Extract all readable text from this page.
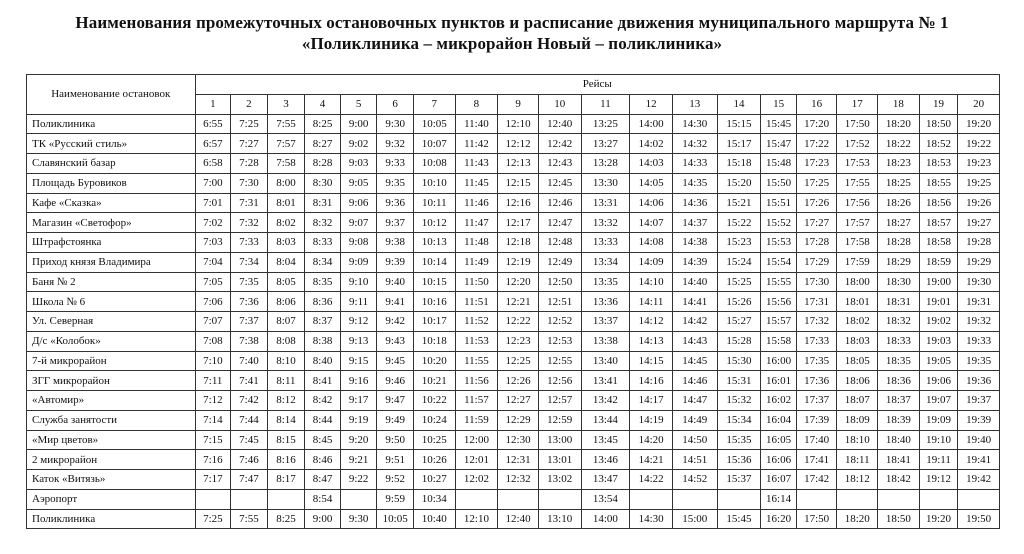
Наименования промежуточных остановочных пунктов и расписание движения муниципального маршрута № 1
«Поликлиника – микрорайон Новый – поликлиника»
Наименование остановок	Рейсы																			
	1	2	3	4	5	6	7	8	9	10	11	12	13	14	15	16	17	18	19	20
Поликлиника	6:55	7:25	7:55	8:25	9:00	9:30	10:05	11:40	12:10	12:40	13:25	14:00	14:30	15:15	15:45	17:20	17:50	18:20	18:50	19:20
ТК «Русский стиль»	6:57	7:27	7:57	8:27	9:02	9:32	10:07	11:42	12:12	12:42	13:27	14:02	14:32	15:17	15:47	17:22	17:52	18:22	18:52	19:22
Славянский базар	6:58	7:28	7:58	8:28	9:03	9:33	10:08	11:43	12:13	12:43	13:28	14:03	14:33	15:18	15:48	17:23	17:53	18:23	18:53	19:23
Площадь Буровиков	7:00	7:30	8:00	8:30	9:05	9:35	10:10	11:45	12:15	12:45	13:30	14:05	14:35	15:20	15:50	17:25	17:55	18:25	18:55	19:25
Кафе «Сказка»	7:01	7:31	8:01	8:31	9:06	9:36	10:11	11:46	12:16	12:46	13:31	14:06	14:36	15:21	15:51	17:26	17:56	18:26	18:56	19:26
Магазин «Светофор»	7:02	7:32	8:02	8:32	9:07	9:37	10:12	11:47	12:17	12:47	13:32	14:07	14:37	15:22	15:52	17:27	17:57	18:27	18:57	19:27
Штрафстоянка	7:03	7:33	8:03	8:33	9:08	9:38	10:13	11:48	12:18	12:48	13:33	14:08	14:38	15:23	15:53	17:28	17:58	18:28	18:58	19:28
Приход князя Владимира	7:04	7:34	8:04	8:34	9:09	9:39	10:14	11:49	12:19	12:49	13:34	14:09	14:39	15:24	15:54	17:29	17:59	18:29	18:59	19:29
Баня № 2	7:05	7:35	8:05	8:35	9:10	9:40	10:15	11:50	12:20	12:50	13:35	14:10	14:40	15:25	15:55	17:30	18:00	18:30	19:00	19:30
Школа № 6	7:06	7:36	8:06	8:36	9:11	9:41	10:16	11:51	12:21	12:51	13:36	14:11	14:41	15:26	15:56	17:31	18:01	18:31	19:01	19:31
Ул. Северная	7:07	7:37	8:07	8:37	9:12	9:42	10:17	11:52	12:22	12:52	13:37	14:12	14:42	15:27	15:57	17:32	18:02	18:32	19:02	19:32
Д/с «Колобок»	7:08	7:38	8:08	8:38	9:13	9:43	10:18	11:53	12:23	12:53	13:38	14:13	14:43	15:28	15:58	17:33	18:03	18:33	19:03	19:33
7-й микрорайон	7:10	7:40	8:10	8:40	9:15	9:45	10:20	11:55	12:25	12:55	13:40	14:15	14:45	15:30	16:00	17:35	18:05	18:35	19:05	19:35
ЗГГ микрорайон	7:11	7:41	8:11	8:41	9:16	9:46	10:21	11:56	12:26	12:56	13:41	14:16	14:46	15:31	16:01	17:36	18:06	18:36	19:06	19:36
«Автомир»	7:12	7:42	8:12	8:42	9:17	9:47	10:22	11:57	12:27	12:57	13:42	14:17	14:47	15:32	16:02	17:37	18:07	18:37	19:07	19:37
Служба занятости	7:14	7:44	8:14	8:44	9:19	9:49	10:24	11:59	12:29	12:59	13:44	14:19	14:49	15:34	16:04	17:39	18:09	18:39	19:09	19:39
«Мир цветов»	7:15	7:45	8:15	8:45	9:20	9:50	10:25	12:00	12:30	13:00	13:45	14:20	14:50	15:35	16:05	17:40	18:10	18:40	19:10	19:40
2 микрорайон	7:16	7:46	8:16	8:46	9:21	9:51	10:26	12:01	12:31	13:01	13:46	14:21	14:51	15:36	16:06	17:41	18:11	18:41	19:11	19:41
Каток «Витязь»	7:17	7:47	8:17	8:47	9:22	9:52	10:27	12:02	12:32	13:02	13:47	14:22	14:52	15:37	16:07	17:42	18:12	18:42	19:12	19:42
Аэропорт				8:54		9:59	10:34				13:54				16:14					
Поликлиника	7:25	7:55	8:25	9:00	9:30	10:05	10:40	12:10	12:40	13:10	14:00	14:30	15:00	15:45	16:20	17:50	18:20	18:50	19:20	19:50
